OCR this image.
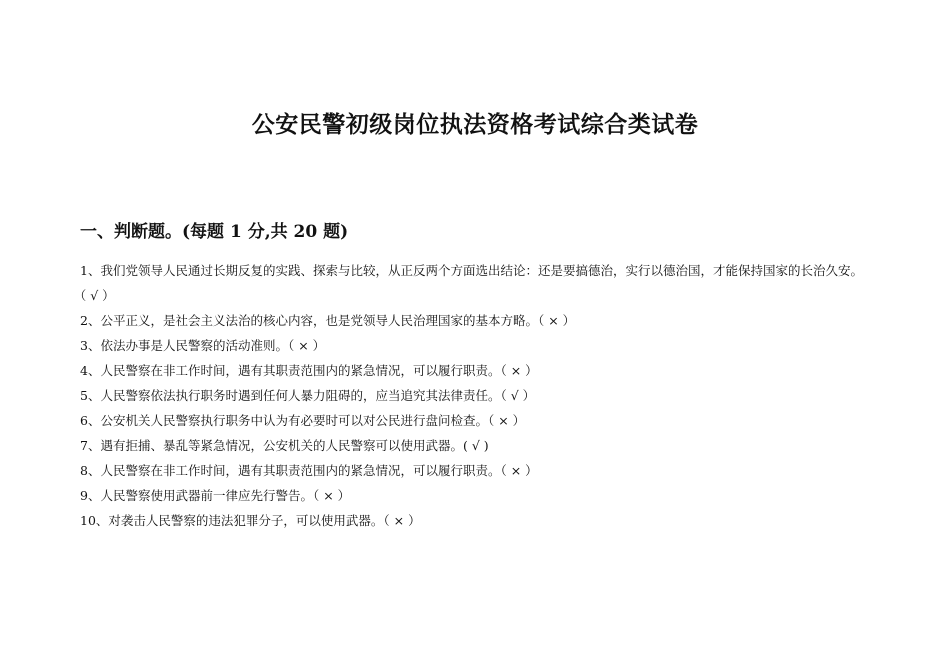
公安民警初级岗位执法资格考试综合类试卷
一、判断题。(每题 1 分,共 20 题)
1、我们党领导人民通过长期反复的实践、探索与比较，从正反两个方面选出结论：还是要搞德治，实行以德治国，才能保持国家的长治久安。（ √ ）
2、公平正义，是社会主义法治的核心内容，也是党领导人民治理国家的基本方略。（ × ）
3、依法办事是人民警察的活动准则。（ × ）
4、人民警察在非工作时间，遇有其职责范围内的紧急情况，可以履行职责。（ × ）
5、人民警察依法执行职务时遇到任何人暴力阻碍的，应当追究其法律责任。（ √ ）
6、公安机关人民警察执行职务中认为有必要时可以对公民进行盘问检查。（ × ）
7、遇有拒捕、暴乱等紧急情况，公安机关的人民警察可以使用武器。( √ )
8、人民警察在非工作时间，遇有其职责范围内的紧急情况，可以履行职责。（ × ）
9、人民警察使用武器前一律应先行警告。（ × ）
10、对袭击人民警察的违法犯罪分子，可以使用武器。（ × ）
